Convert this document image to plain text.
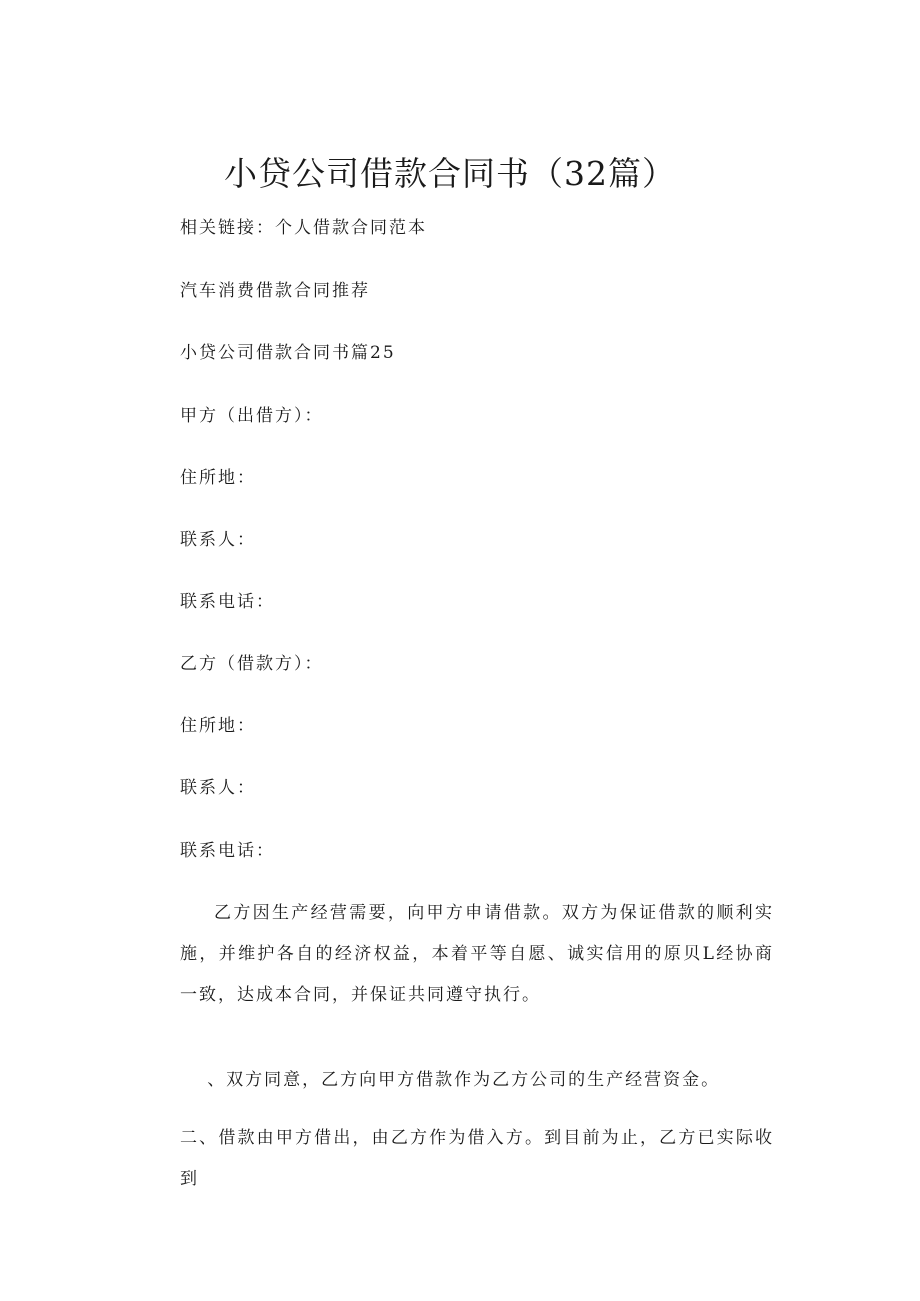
小贷公司借款合同书（32篇）
相关链接：个人借款合同范本
汽车消费借款合同推荐
小贷公司借款合同书篇25
甲方（出借方）：
住所地：
联系人：
联系电话：
乙方（借款方）：
住所地：
联系人：
联系电话：
乙方因生产经营需要，向甲方申请借款。双方为保证借款的顺利实施，并维护各自的经济权益，本着平等自愿、诚实信用的原贝L经协商一致，达成本合同，并保证共同遵守执行。
、双方同意，乙方向甲方借款作为乙方公司的生产经营资金。
二、借款由甲方借出，由乙方作为借入方。到目前为止，乙方已实际收到
